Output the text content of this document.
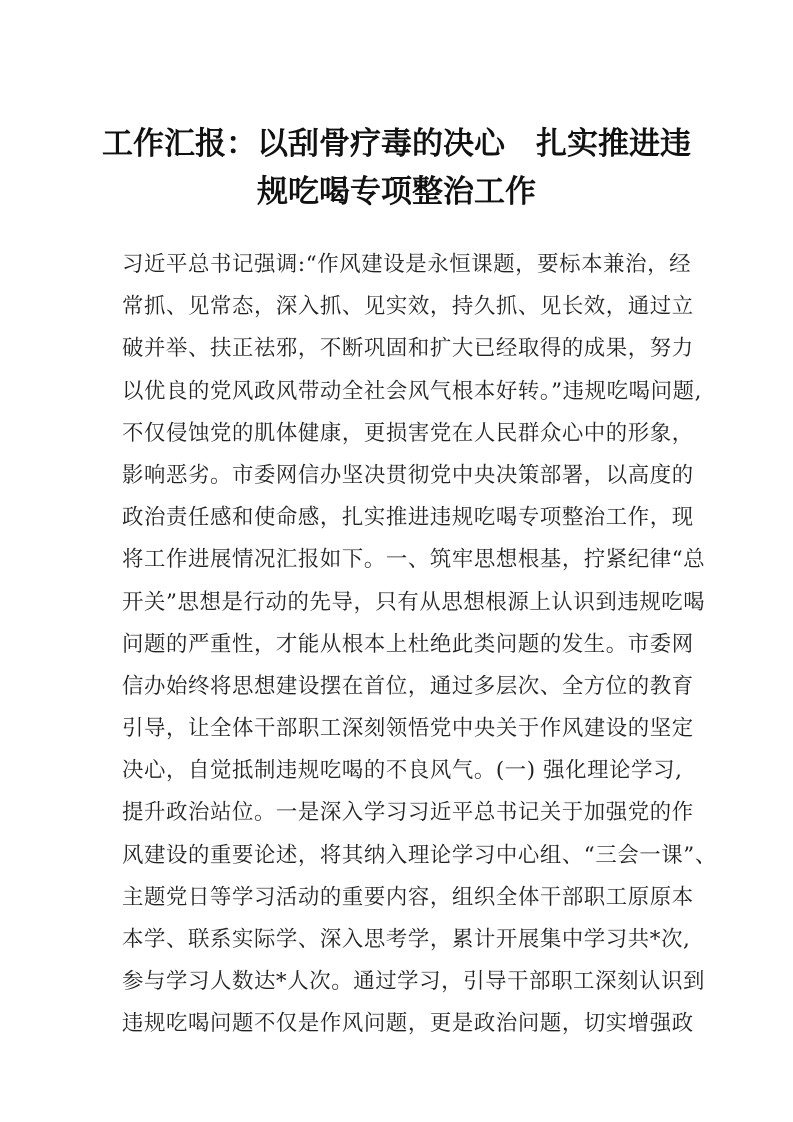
工作汇报：以刮骨疗毒的决心　扎实推进违
规吃喝专项整治工作
习近平总书记强调:“作风建设是永恒课题，要标本兼治，经
常抓、见常态，深入抓、见实效，持久抓、见长效，通过立
破并举、扶正祛邪，不断巩固和扩大已经取得的成果，努力
以优良的党风政风带动全社会风气根本好转。”违规吃喝问题,
不仅侵蚀党的肌体健康，更损害党在人民群众心中的形象，
影响恶劣。市委网信办坚决贯彻党中央决策部署，以高度的
政治责任感和使命感，扎实推进违规吃喝专项整治工作，现
将工作进展情况汇报如下。一、筑牢思想根基，拧紧纪律“总
开关”思想是行动的先导，只有从思想根源上认识到违规吃喝
问题的严重性，才能从根本上杜绝此类问题的发生。市委网
信办始终将思想建设摆在首位，通过多层次、全方位的教育
引导，让全体干部职工深刻领悟党中央关于作风建设的坚定
决心，自觉抵制违规吃喝的不良风气。(一) 强化理论学习,
提升政治站位。一是深入学习习近平总书记关于加强党的作
风建设的重要论述，将其纳入理论学习中心组、“三会一课”、
主题党日等学习活动的重要内容，组织全体干部职工原原本
本学、联系实际学、深入思考学，累计开展集中学习共*次,
参与学习人数达*人次。通过学习，引导干部职工深刻认识到
违规吃喝问题不仅是作风问题，更是政治问题，切实增强政
